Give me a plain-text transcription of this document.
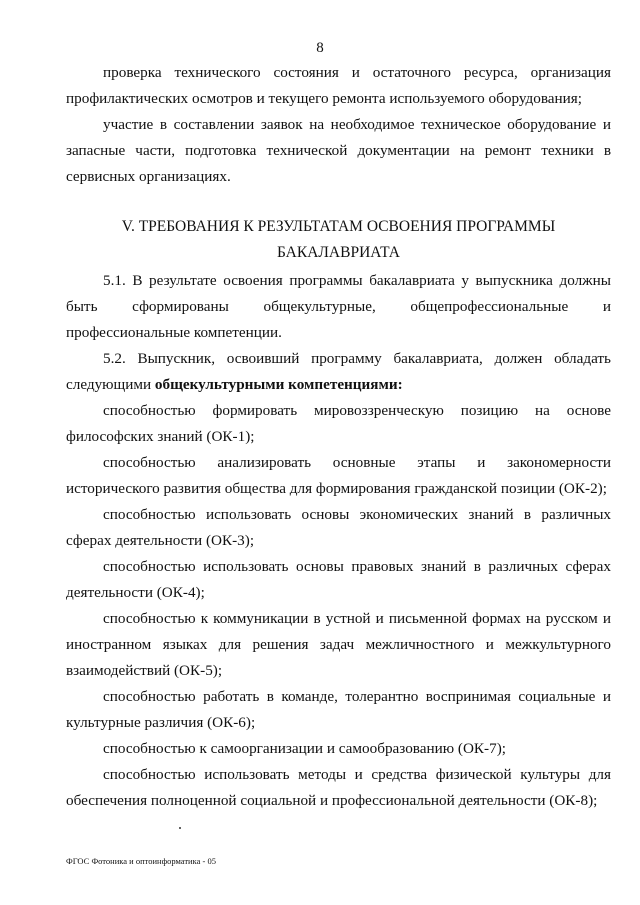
8

проверка технического состояния и остаточного ресурса, организация профилактических осмотров и текущего ремонта используемого оборудования;

участие в составлении заявок на необходимое техническое оборудование и запасные части, подготовка технической документации на ремонт техники в сервисных организациях.

V. ТРЕБОВАНИЯ К РЕЗУЛЬТАТАМ ОСВОЕНИЯ ПРОГРАММЫ
БАКАЛАВРИАТА

5.1. В результате освоения программы бакалавриата у выпускника должны быть сформированы общекультурные, общепрофессиональные и профессиональные компетенции.

5.2. Выпускник, освоивший программу бакалавриата, должен обладать следующими общекультурными компетенциями:

способностью формировать мировоззренческую позицию на основе философских знаний (ОК-1);

способностью анализировать основные этапы и закономерности исторического развития общества для формирования гражданской позиции (ОК-2);

способностью использовать основы экономических знаний в различных сферах деятельности (ОК-3);

способностью использовать основы правовых знаний в различных сферах деятельности (ОК-4);

способностью к коммуникации в устной и письменной формах на русском и иностранном языках для решения задач межличностного и межкультурного взаимодействий (ОК-5);

способностью работать в команде, толерантно воспринимая социальные и культурные различия (ОК-6);

способностью к самоорганизации и самообразованию (ОК-7);

способностью использовать методы и средства физической культуры для обеспечения полноценной социальной и профессиональной деятельности (ОК-8);

ФГОС Фотоника и оптоинформатика - 05
